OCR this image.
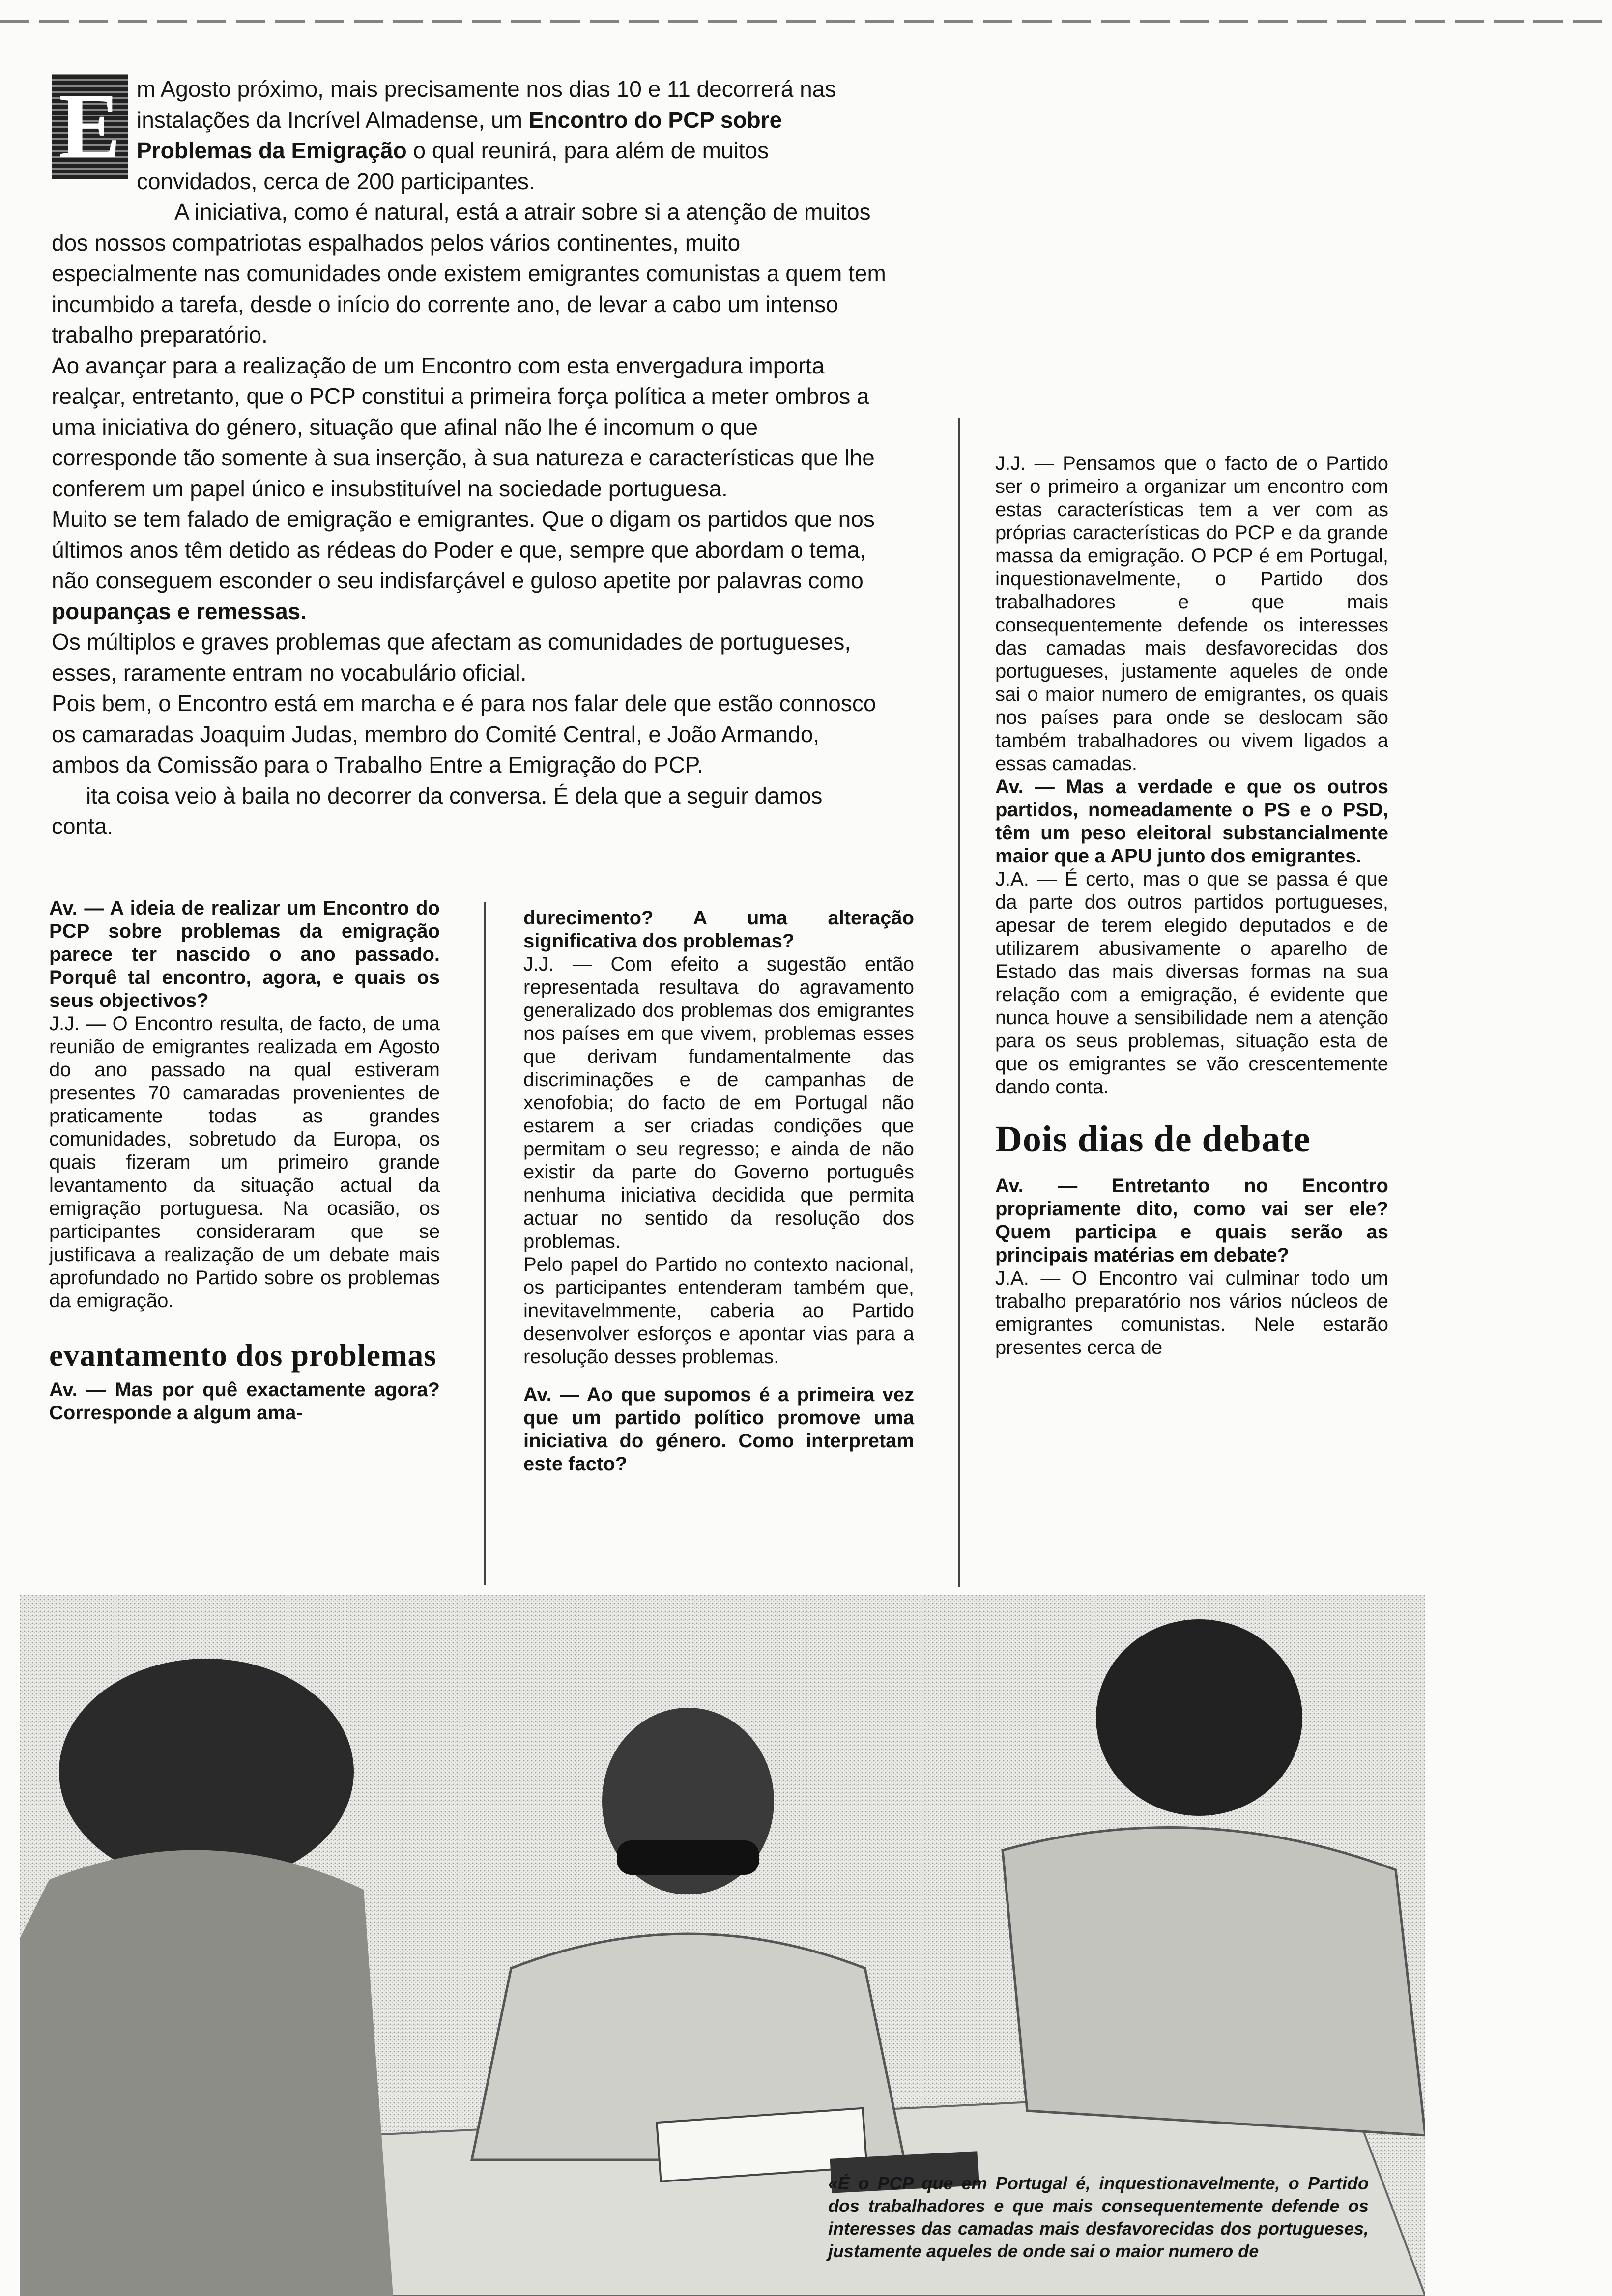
E m Agosto próximo, mais precisamente nos dias 10 e 11 decorrerá nas instalações da Incrível Almadense, um Encontro do PCP sobre Problemas da Emigração o qual reunirá, para além de muitos convidados, cerca de 200 participantes.

A iniciativa, como é natural, está a atrair sobre si a atenção de muitos dos nossos compatriotas espalhados pelos vários continentes, muito especialmente nas comunidades onde existem emigrantes comunistas a quem tem incumbido a tarefa, desde o início do corrente ano, de levar a cabo um intenso trabalho preparatório.

Ao avançar para a realização de um Encontro com esta envergadura importa realçar, entretanto, que o PCP constitui a primeira força política a meter ombros a uma iniciativa do género, situação que afinal não lhe é incomum o que corresponde tão somente à sua inserção, à sua natureza e características que lhe conferem um papel único e insubstituível na sociedade portuguesa.

Muito se tem falado de emigração e emigrantes. Que o digam os partidos que nos últimos anos têm detido as rédeas do Poder e que, sempre que abordam o tema, não conseguem esconder o seu indisfarçável e guloso apetite por palavras como poupanças e remessas.

Os múltiplos e graves problemas que afectam as comunidades de portugueses, esses, raramente entram no vocabulário oficial.

Pois bem, o Encontro está em marcha e é para nos falar dele que estão connosco os camaradas Joaquim Judas, membro do Comité Central, e João Armando, ambos da Comissão para o Trabalho Entre a Emigração do PCP.

ita coisa veio à baila no decorrer da conversa. É dela que a seguir damos conta.

Av. — A ideia de realizar um Encontro do PCP sobre problemas da emigração parece ter nascido o ano passado. Porquê tal encontro, agora, e quais os seus objectivos?

J.J. — O Encontro resulta, de facto, de uma reunião de emigrantes realizada em Agosto do ano passado na qual estiveram presentes 70 camaradas provenientes de praticamente todas as grandes comunidades, sobretudo da Europa, os quais fizeram um primeiro grande levantamento da situação actual da emigração portuguesa. Na ocasião, os participantes consideraram que se justificava a realização de um debate mais aprofundado no Partido sobre os problemas da emigração.

evantamento dos problemas

Av. — Mas por quê exactamente agora? Corresponde a algum ama-

durecimento? A uma alteração significativa dos problemas?

J.J. — Com efeito a sugestão então representada resultava do agravamento generalizado dos problemas dos emigrantes nos países em que vivem, problemas esses que derivam fundamentalmente das discriminações e de campanhas de xenofobia; do facto de em Portugal não estarem a ser criadas condições que permitam o seu regresso; e ainda de não existir da parte do Governo português nenhuma iniciativa decidida que permita actuar no sentido da resolução dos problemas.

Pelo papel do Partido no contexto nacional, os participantes entenderam também que, inevitavelmmente, caberia ao Partido desenvolver esforços e apontar vias para a resolução desses problemas.

Av. — Ao que supomos é a primeira vez que um partido político promove uma iniciativa do género. Como interpretam este facto?

J.J. — Pensamos que o facto de o Partido ser o primeiro a organizar um encontro com estas características tem a ver com as próprias características do PCP e da grande massa da emigração. O PCP é em Portugal, inquestionavelmente, o Partido dos trabalhadores e que mais consequentemente defende os interesses das camadas mais desfavorecidas dos portugueses, justamente aqueles de onde sai o maior numero de emigrantes, os quais nos países para onde se deslocam são também trabalhadores ou vivem ligados a essas camadas.

Av. — Mas a verdade e que os outros partidos, nomeadamente o PS e o PSD, têm um peso eleitoral substancialmente maior que a APU junto dos emigrantes.

J.A. — É certo, mas o que se passa é que da parte dos outros partidos portugueses, apesar de terem elegido deputados e de utilizarem abusivamente o aparelho de Estado das mais diversas formas na sua relação com a emigração, é evidente que nunca houve a sensibilidade nem a atenção para os seus problemas, situação esta de que os emigrantes se vão crescentemente dando conta.

Dois dias de debate

Av. — Entretanto no Encontro propriamente dito, como vai ser ele? Quem participa e quais serão as principais matérias em debate?

J.A. — O Encontro vai culminar todo um trabalho preparatório nos vários núcleos de emigrantes comunistas. Nele estarão presentes cerca de

«É o PCP que em Portugal é, inquestionavelmente, o Partido dos trabalhadores e que mais consequentemente defende os interesses das camadas mais desfavorecidas dos portugueses, justamente aqueles de onde sai o maior numero de
